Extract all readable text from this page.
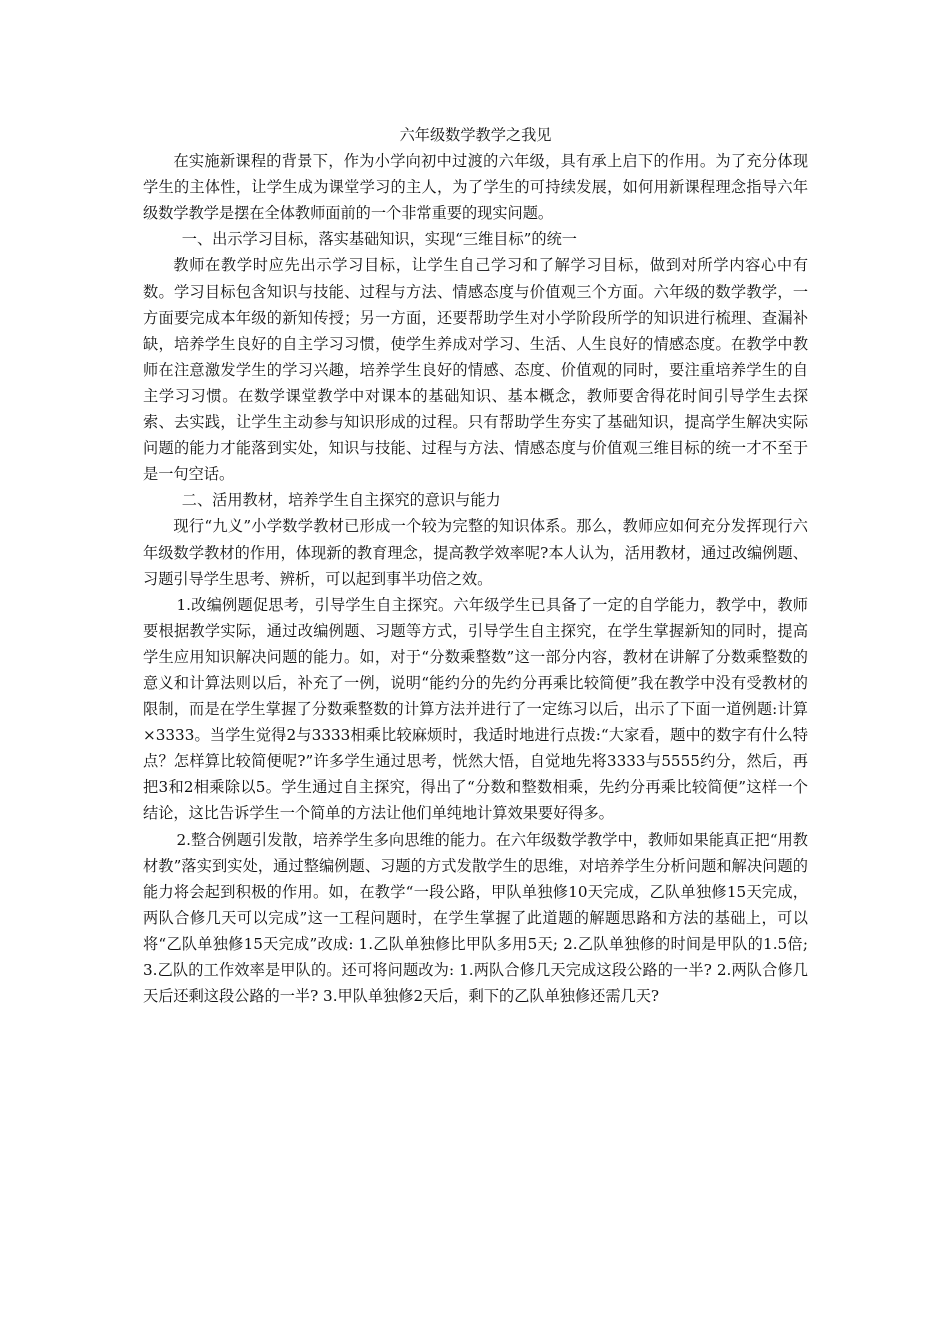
六年级数学教学之我见

在实施新课程的背景下，作为小学向初中过渡的六年级，具有承上启下的作用。为了充分体现学生的主体性，让学生成为课堂学习的主人，为了学生的可持续发展，如何用新课程理念指导六年级数学教学是摆在全体教师面前的一个非常重要的现实问题。

一、出示学习目标，落实基础知识，实现“三维目标”的统一

教师在教学时应先出示学习目标，让学生自己学习和了解学习目标，做到对所学内容心中有数。学习目标包含知识与技能、过程与方法、情感态度与价值观三个方面。六年级的数学教学，一方面要完成本年级的新知传授；另一方面，还要帮助学生对小学阶段所学的知识进行梳理、查漏补缺，培养学生良好的自主学习习惯，使学生养成对学习、生活、人生良好的情感态度。在教学中教师在注意激发学生的学习兴趣，培养学生良好的情感、态度、价值观的同时，要注重培养学生的自主学习习惯。在数学课堂教学中对课本的基础知识、基本概念，教师要舍得花时间引导学生去探索、去实践，让学生主动参与知识形成的过程。只有帮助学生夯实了基础知识，提高学生解决实际问题的能力才能落到实处，知识与技能、过程与方法、情感态度与价值观三维目标的统一才不至于是一句空话。

二、活用教材，培养学生自主探究的意识与能力

现行“九义”小学数学教材已形成一个较为完整的知识体系。那么，教师应如何充分发挥现行六年级数学教材的作用，体现新的教育理念，提高教学效率呢?本人认为，活用教材，通过改编例题、习题引导学生思考、辨析，可以起到事半功倍之效。

1.改编例题促思考，引导学生自主探究。六年级学生已具备了一定的自学能力，教学中，教师要根据教学实际，通过改编例题、习题等方式，引导学生自主探究，在学生掌握新知的同时，提高学生应用知识解决问题的能力。如，对于“分数乘整数”这一部分内容，教材在讲解了分数乘整数的意义和计算法则以后，补充了一例，说明“能约分的先约分再乘比较简便”我在教学中没有受教材的限制，而是在学生掌握了分数乘整数的计算方法并进行了一定练习以后，出示了下面一道例题:计算×3333。当学生觉得2与3333相乘比较麻烦时，我适时地进行点拨:“大家看，题中的数字有什么特点？怎样算比较简便呢?”许多学生通过思考，恍然大悟，自觉地先将3333与5555约分，然后，再把3和2相乘除以5。学生通过自主探究，得出了“分数和整数相乘，先约分再乘比较简便”这样一个结论，这比告诉学生一个简单的方法让他们单纯地计算效果要好得多。

2.整合例题引发散，培养学生多向思维的能力。在六年级数学教学中，教师如果能真正把“用教材教”落实到实处，通过整编例题、习题的方式发散学生的思维，对培养学生分析问题和解决问题的能力将会起到积极的作用。如，在教学“一段公路，甲队单独修10天完成，乙队单独修15天完成，两队合修几天可以完成”这一工程问题时，在学生掌握了此道题的解题思路和方法的基础上，可以将“乙队单独修15天完成”改成: 1.乙队单独修比甲队多用5天; 2.乙队单独修的时间是甲队的1.5倍; 3.乙队的工作效率是甲队的。还可将问题改为: 1.两队合修几天完成这段公路的一半? 2.两队合修几天后还剩这段公路的一半? 3.甲队单独修2天后，剩下的乙队单独修还需几天?
